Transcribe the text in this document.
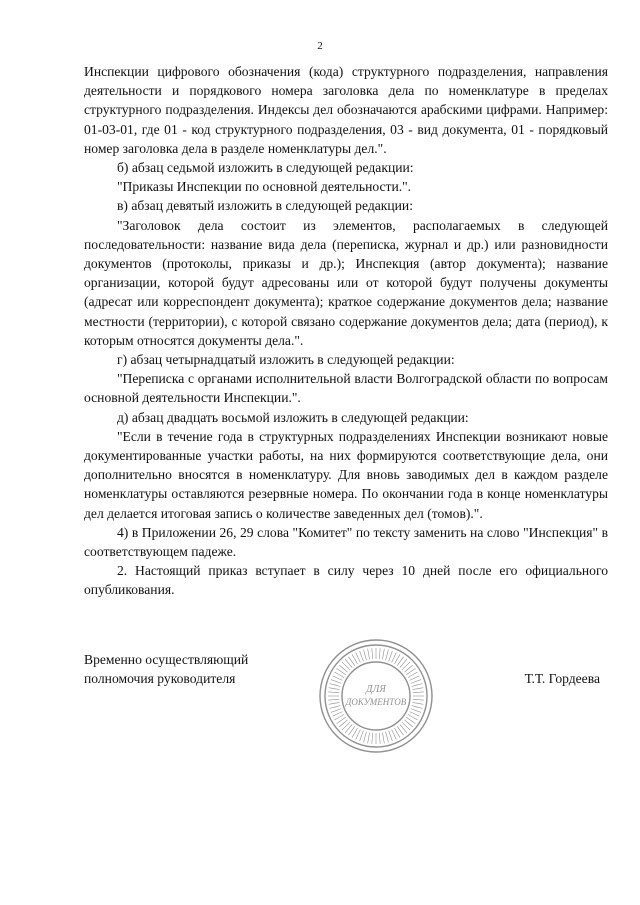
2

Инспекции цифрового обозначения (кода) структурного подразделения, направления деятельности и порядкового номера заголовка дела по номенклатуре в пределах структурного подразделения. Индексы дел обозначаются арабскими цифрами. Например: 01-03-01, где 01 - код структурного подразделения, 03 - вид документа, 01 - порядковый номер заголовка дела в разделе номенклатуры дел.".

б) абзац седьмой изложить в следующей редакции:

"Приказы Инспекции по основной деятельности.".

в) абзац девятый изложить в следующей редакции:

"Заголовок дела состоит из элементов, располагаемых в следующей последовательности: название вида дела (переписка, журнал и др.) или разновидности документов (протоколы, приказы и др.); Инспекция (автор документа); название организации, которой будут адресованы или от которой будут получены документы (адресат или корреспондент документа); краткое содержание документов дела; название местности (территории), с которой связано содержание документов дела; дата (период), к которым относятся документы дела.".

г) абзац четырнадцатый изложить в следующей редакции:

"Переписка с органами исполнительной власти Волгоградской области по вопросам основной деятельности Инспекции.".

д) абзац двадцать восьмой изложить в следующей редакции:

"Если в течение года в структурных подразделениях Инспекции возникают новые документированные участки работы, на них формируются соответствующие дела, они дополнительно вносятся в номенклатуру. Для вновь заводимых дел в каждом разделе номенклатуры оставляются резервные номера. По окончании года в конце номенклатуры дел делается итоговая запись о количестве заведенных дел (томов).".

4) в Приложении 26, 29 слова "Комитет" по тексту заменить на слово "Инспекция" в соответствующем падеже.

2. Настоящий приказ вступает в силу через 10 дней после его официального опубликования.

Временно осуществляющий
полномочия руководителя
ДЛЯ
ДОКУМЕНТОВ
Т.Т. Гордеева
